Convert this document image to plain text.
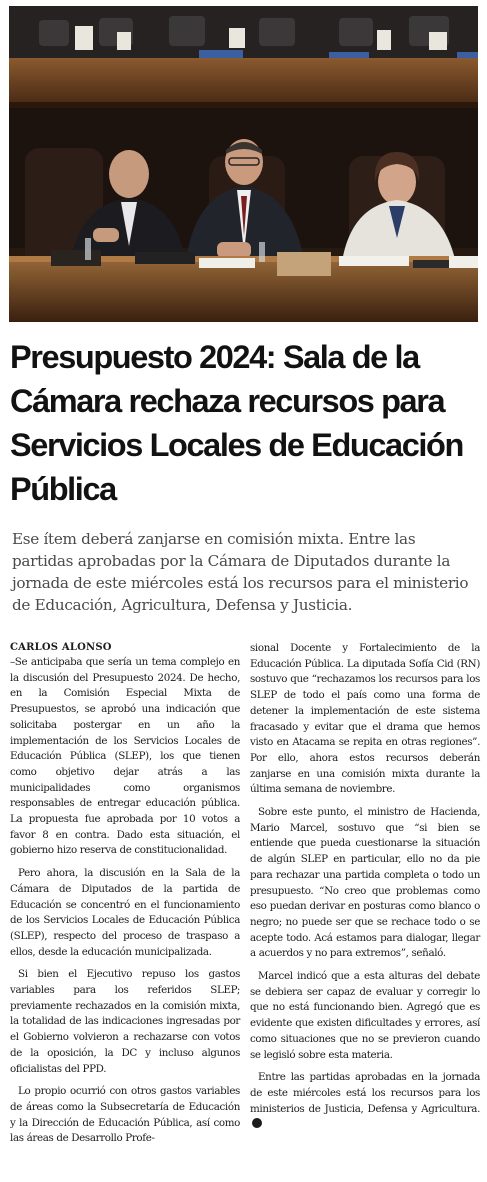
Presupuesto 2024: Sala de la Cámara rechaza recursos para Servicios Locales de Educación Pública

Ese ítem deberá zanjarse en comisión mixta. Entre las partidas aprobadas por la Cámara de Diputados durante la jornada de este miércoles está los recursos para el ministerio de Educación, Agricultura, Defensa y Justicia.

CARLOS ALONSO

–Se anticipaba que sería un tema complejo en la discusión del Presupuesto 2024. De hecho, en la Comisión Especial Mixta de Presupuestos, se aprobó una indicación que solicitaba postergar en un año la implementación de los Servicios Locales de Educación Pública (SLEP), los que tienen como objetivo dejar atrás a las municipalidades como organismos responsables de entregar educación pública. La propuesta fue aprobada por 10 votos a favor 8 en contra. Dado esta situación, el gobierno hizo reserva de constitucionalidad.

Pero ahora, la discusión en la Sala de la Cámara de Diputados de la partida de Educación se concentró en el funcionamiento de los Servicios Locales de Educación Pública (SLEP), respecto del proceso de traspaso a ellos, desde la educación municipalizada.

Si bien el Ejecutivo repuso los gastos variables para los referidos SLEP; previamente rechazados en la comisión mixta, la totalidad de las indicaciones ingresadas por el Gobierno volvieron a rechazarse con votos de la oposición, la DC y incluso algunos oficialistas del PPD.

Lo propio ocurrió con otros gastos variables de áreas como la Subsecretaría de Educación y la Dirección de Educación Pública, así como las áreas de Desarrollo Profe-

sional Docente y Fortalecimiento de la Educación Pública. La diputada Sofía Cid (RN) sostuvo que “rechazamos los recursos para los SLEP de todo el país como una forma de detener la implementación de este sistema fracasado y evitar que el drama que hemos visto en Atacama se repita en otras regiones”. Por ello, ahora estos recursos deberán zanjarse en una comisión mixta durante la última semana de noviembre.

Sobre este punto, el ministro de Hacienda, Mario Marcel, sostuvo que “si bien se entiende que pueda cuestionarse la situación de algún SLEP en particular, ello no da pie para rechazar una partida completa o todo un presupuesto. “No creo que problemas como eso puedan derivar en posturas como blanco o negro; no puede ser que se rechace todo o se acepte todo. Acá estamos para dialogar, llegar a acuerdos y no para extremos”, señaló.

Marcel indicó que a esta alturas del debate se debiera ser capaz de evaluar y corregir lo que no está funcionando bien. Agregó que es evidente que existen dificultades y errores, así como situaciones que no se previeron cuando se legisló sobre esta materia.

Entre las partidas aprobadas en la jornada de este miércoles está los recursos para los ministerios de Justicia, Defensa y Agricultura.
